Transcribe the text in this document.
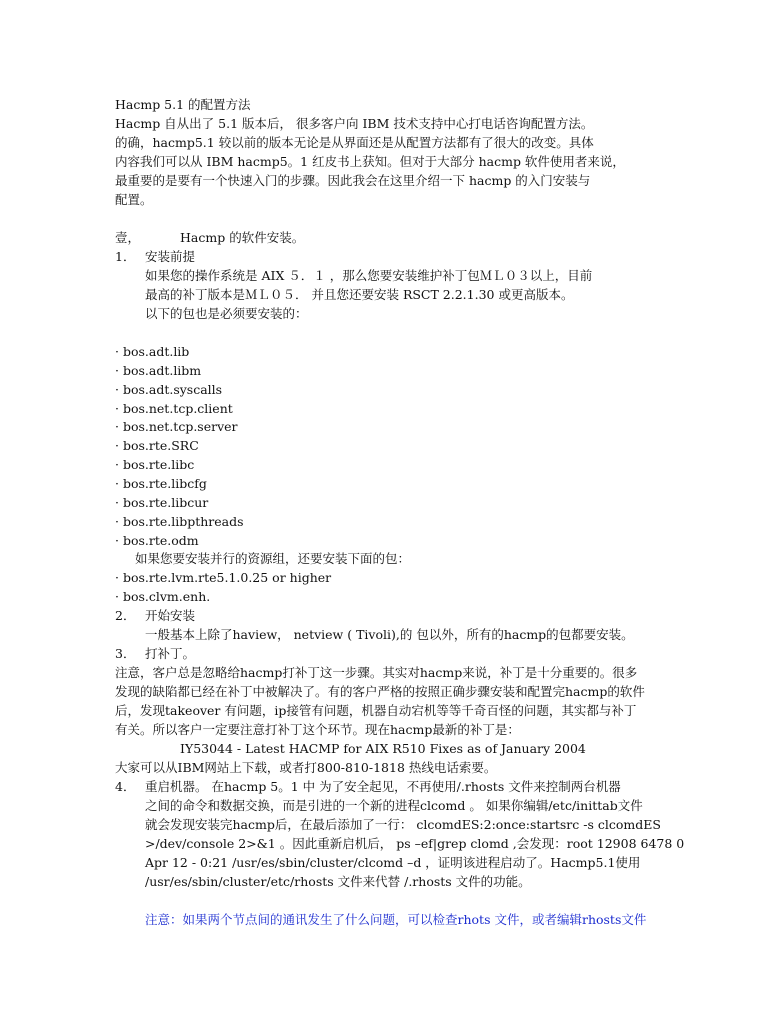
Hacmp 5.1 的配置方法
Hacmp 自从出了 5.1 版本后， 很多客户向 IBM 技术支持中心打电话咨询配置方法。
的确，hacmp5.1 较以前的版本无论是从界面还是从配置方法都有了很大的改变。具体
内容我们可以从 IBM hacmp5。1 红皮书上获知。但对于大部分 hacmp 软件使用者来说，
最重要的是要有一个快速入门的步骤。因此我会在这里介绍一下 hacmp 的入门安装与
配置。
壹，	Hacmp 的软件安装。
1． 安装前提
如果您的操作系统是 AIX ５．１ ，那么您要安装维护补丁包ＭＬ０３以上，目前
最高的补丁版本是ＭＬ０５． 并且您还要安装 RSCT 2.2.1.30 或更高版本。
以下的包也是必须要安装的：
· bos.adt.lib
· bos.adt.libm
· bos.adt.syscalls
· bos.net.tcp.client
· bos.net.tcp.server
· bos.rte.SRC
· bos.rte.libc
· bos.rte.libcfg
· bos.rte.libcur
· bos.rte.libpthreads
· bos.rte.odm
如果您要安装并行的资源组，还要安装下面的包：
· bos.rte.lvm.rte5.1.0.25 or higher
· bos.clvm.enh.
2． 开始安装
一般基本上除了haview， netview ( Tivoli),的 包以外，所有的hacmp的包都要安装。
3． 打补丁。
注意，客户总是忽略给hacmp打补丁这一步骤。其实对hacmp来说，补丁是十分重要的。很多
发现的缺陷都已经在补丁中被解决了。有的客户严格的按照正确步骤安装和配置完hacmp的软件
后，发现takeover 有问题，ip接管有问题，机器自动宕机等等千奇百怪的问题，其实都与补丁
有关。所以客户一定要注意打补丁这个环节。现在hacmp最新的补丁是：
IY53044 - Latest HACMP for AIX R510 Fixes as of January 2004
大家可以从IBM网站上下载，或者打800-810-1818 热线电话索要。
4． 重启机器。 在hacmp 5。1 中 为了安全起见，不再使用/.rhosts 文件来控制两台机器
之间的命令和数据交换，而是引进的一个新的进程clcomd 。 如果你编辑/etc/inittab文件
就会发现安装完hacmp后，在最后添加了一行： clcomdES:2:once:startsrc -s clcomdES
>/dev/console 2>&1 。因此重新启机后， ps –ef|grep clomd ,会发现：root 12908 6478 0
Apr 12 - 0:21 /usr/es/sbin/cluster/clcomd –d ，证明该进程启动了。Hacmp5.1使用
/usr/es/sbin/cluster/etc/rhosts 文件来代替 /.rhosts 文件的功能。
注意：如果两个节点间的通讯发生了什么问题，可以检查rhots 文件，或者编辑rhosts文件
